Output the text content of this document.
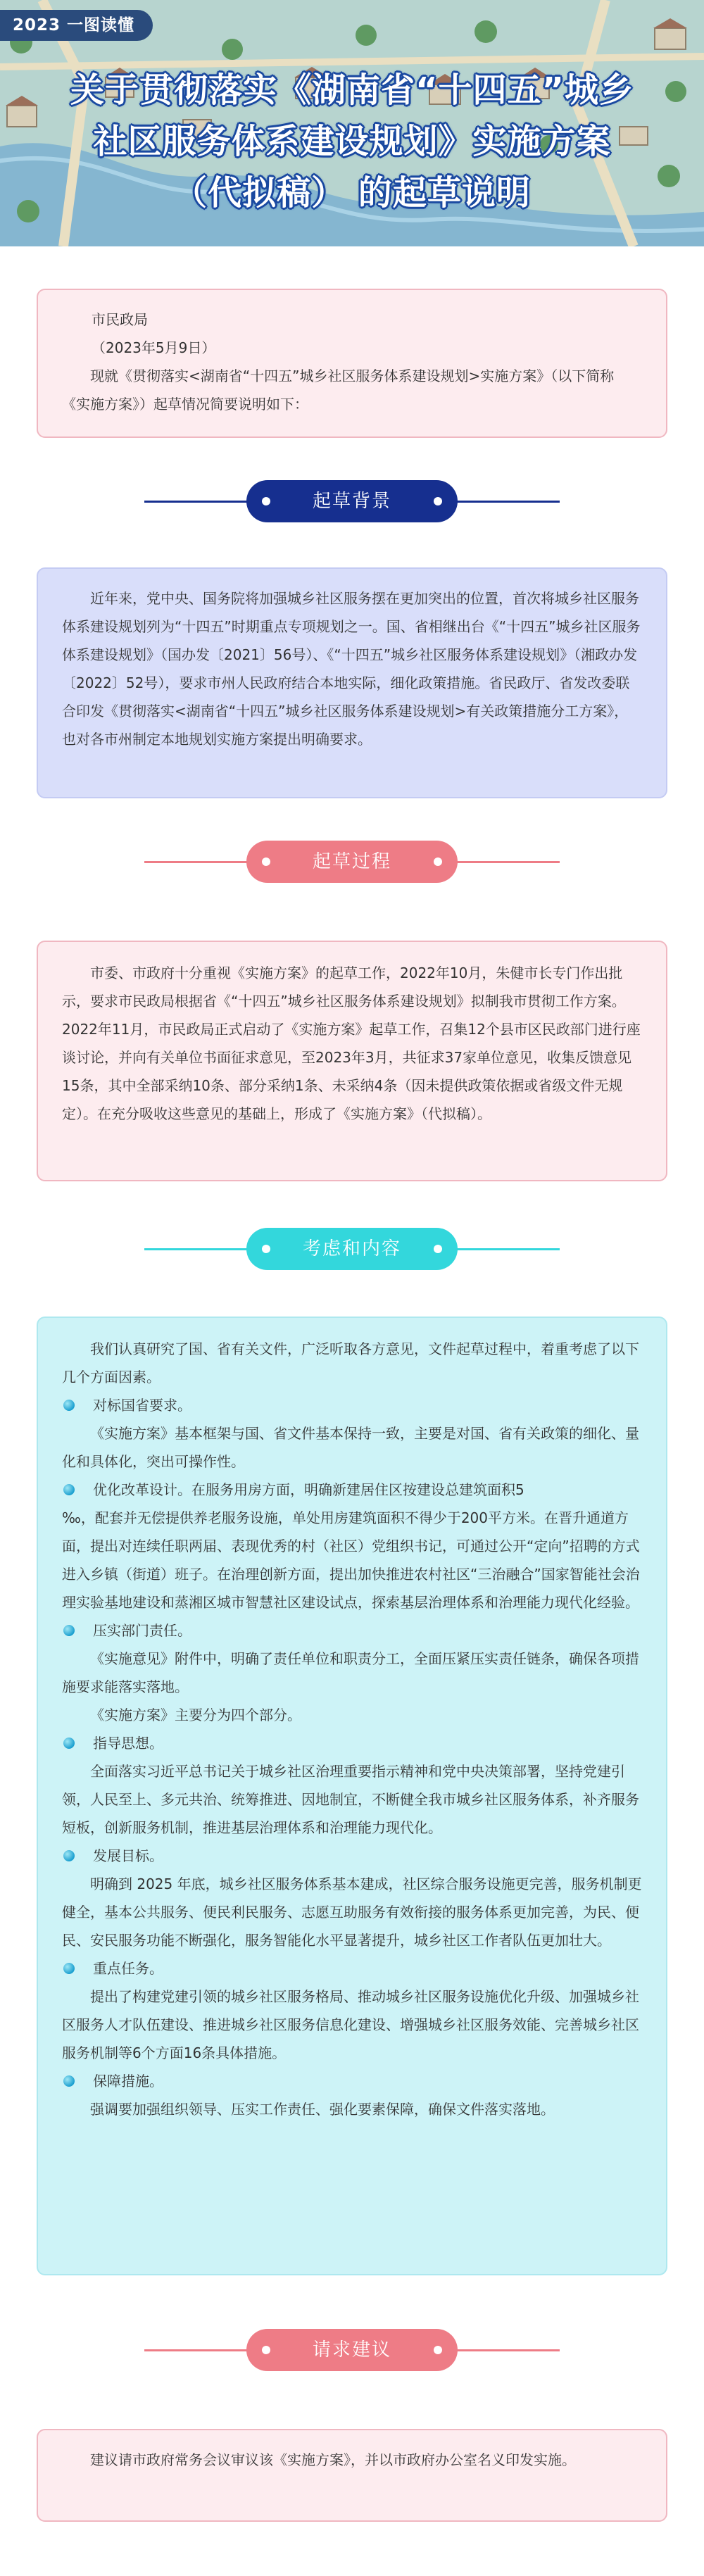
2023 一图读懂
关于贯彻落实《湖南省“十四五”城乡
社区服务体系建设规划》实施方案
（代拟稿） 的起草说明

市民政局

（2023年5月9日）

现就《贯彻落实<湖南省“十四五”城乡社区服务体系建设规划>实施方案》（以下简称《实施方案》）起草情况简要说明如下：

起草背景

近年来，党中央、国务院将加强城乡社区服务摆在更加突出的位置，首次将城乡社区服务体系建设规划列为“十四五”时期重点专项规划之一。国、省相继出台《“十四五”城乡社区服务体系建设规划》（国办发〔2021〕56号）、《“十四五”城乡社区服务体系建设规划》（湘政办发〔2022〕52号），要求市州人民政府结合本地实际，细化政策措施。省民政厅、省发改委联合印发《贯彻落实<湖南省“十四五”城乡社区服务体系建设规划>有关政策措施分工方案》，也对各市州制定本地规划实施方案提出明确要求。

起草过程

市委、市政府十分重视《实施方案》的起草工作，2022年10月，朱健市长专门作出批示，要求市民政局根据省《“十四五”城乡社区服务体系建设规划》拟制我市贯彻工作方案。2022年11月，市民政局正式启动了《实施方案》起草工作，召集12个县市区民政部门进行座谈讨论，并向有关单位书面征求意见，至2023年3月，共征求37家单位意见，收集反馈意见15条，其中全部采纳10条、部分采纳1条、未采纳4条（因未提供政策依据或省级文件无规定）。在充分吸收这些意见的基础上，形成了《实施方案》（代拟稿）。

考虑和内容

我们认真研究了国、省有关文件，广泛听取各方意见，文件起草过程中，着重考虑了以下几个方面因素。

对标国省要求。

《实施方案》基本框架与国、省文件基本保持一致，主要是对国、省有关政策的细化、量化和具体化，突出可操作性。

优化改革设计。 在服务用房方面，明确新建居住区按建设总建筑面积5

‰，配套并无偿提供养老服务设施，单处用房建筑面积不得少于200平方米。在晋升通道方面，提出对连续任职两届、表现优秀的村（社区）党组织书记，可通过公开“定向”招聘的方式进入乡镇（街道）班子。在治理创新方面，提出加快推进农村社区“三治融合”国家智能社会治理实验基地建设和蒸湘区城市智慧社区建设试点，探索基层治理体系和治理能力现代化经验。

压实部门责任。

《实施意见》附件中，明确了责任单位和职责分工，全面压紧压实责任链条，确保各项措施要求能落实落地。

《实施方案》主要分为四个部分。

指导思想。

全面落实习近平总书记关于城乡社区治理重要指示精神和党中央决策部署，坚持党建引领，人民至上、多元共治、统筹推进、因地制宜，不断健全我市城乡社区服务体系，补齐服务短板，创新服务机制，推进基层治理体系和治理能力现代化。

发展目标。

明确到 2025 年底，城乡社区服务体系基本建成，社区综合服务设施更完善，服务机制更健全，基本公共服务、便民利民服务、志愿互助服务有效衔接的服务体系更加完善，为民、便民、安民服务功能不断强化，服务智能化水平显著提升，城乡社区工作者队伍更加壮大。

重点任务。

提出了构建党建引领的城乡社区服务格局、推动城乡社区服务设施优化升级、加强城乡社区服务人才队伍建设、推进城乡社区服务信息化建设、增强城乡社区服务效能、完善城乡社区服务机制等6个方面16条具体措施。

保障措施。

强调要加强组织领导、压实工作责任、强化要素保障，确保文件落实落地。

请求建议

建议请市政府常务会议审议该《实施方案》，并以市政府办公室名义印发实施。
